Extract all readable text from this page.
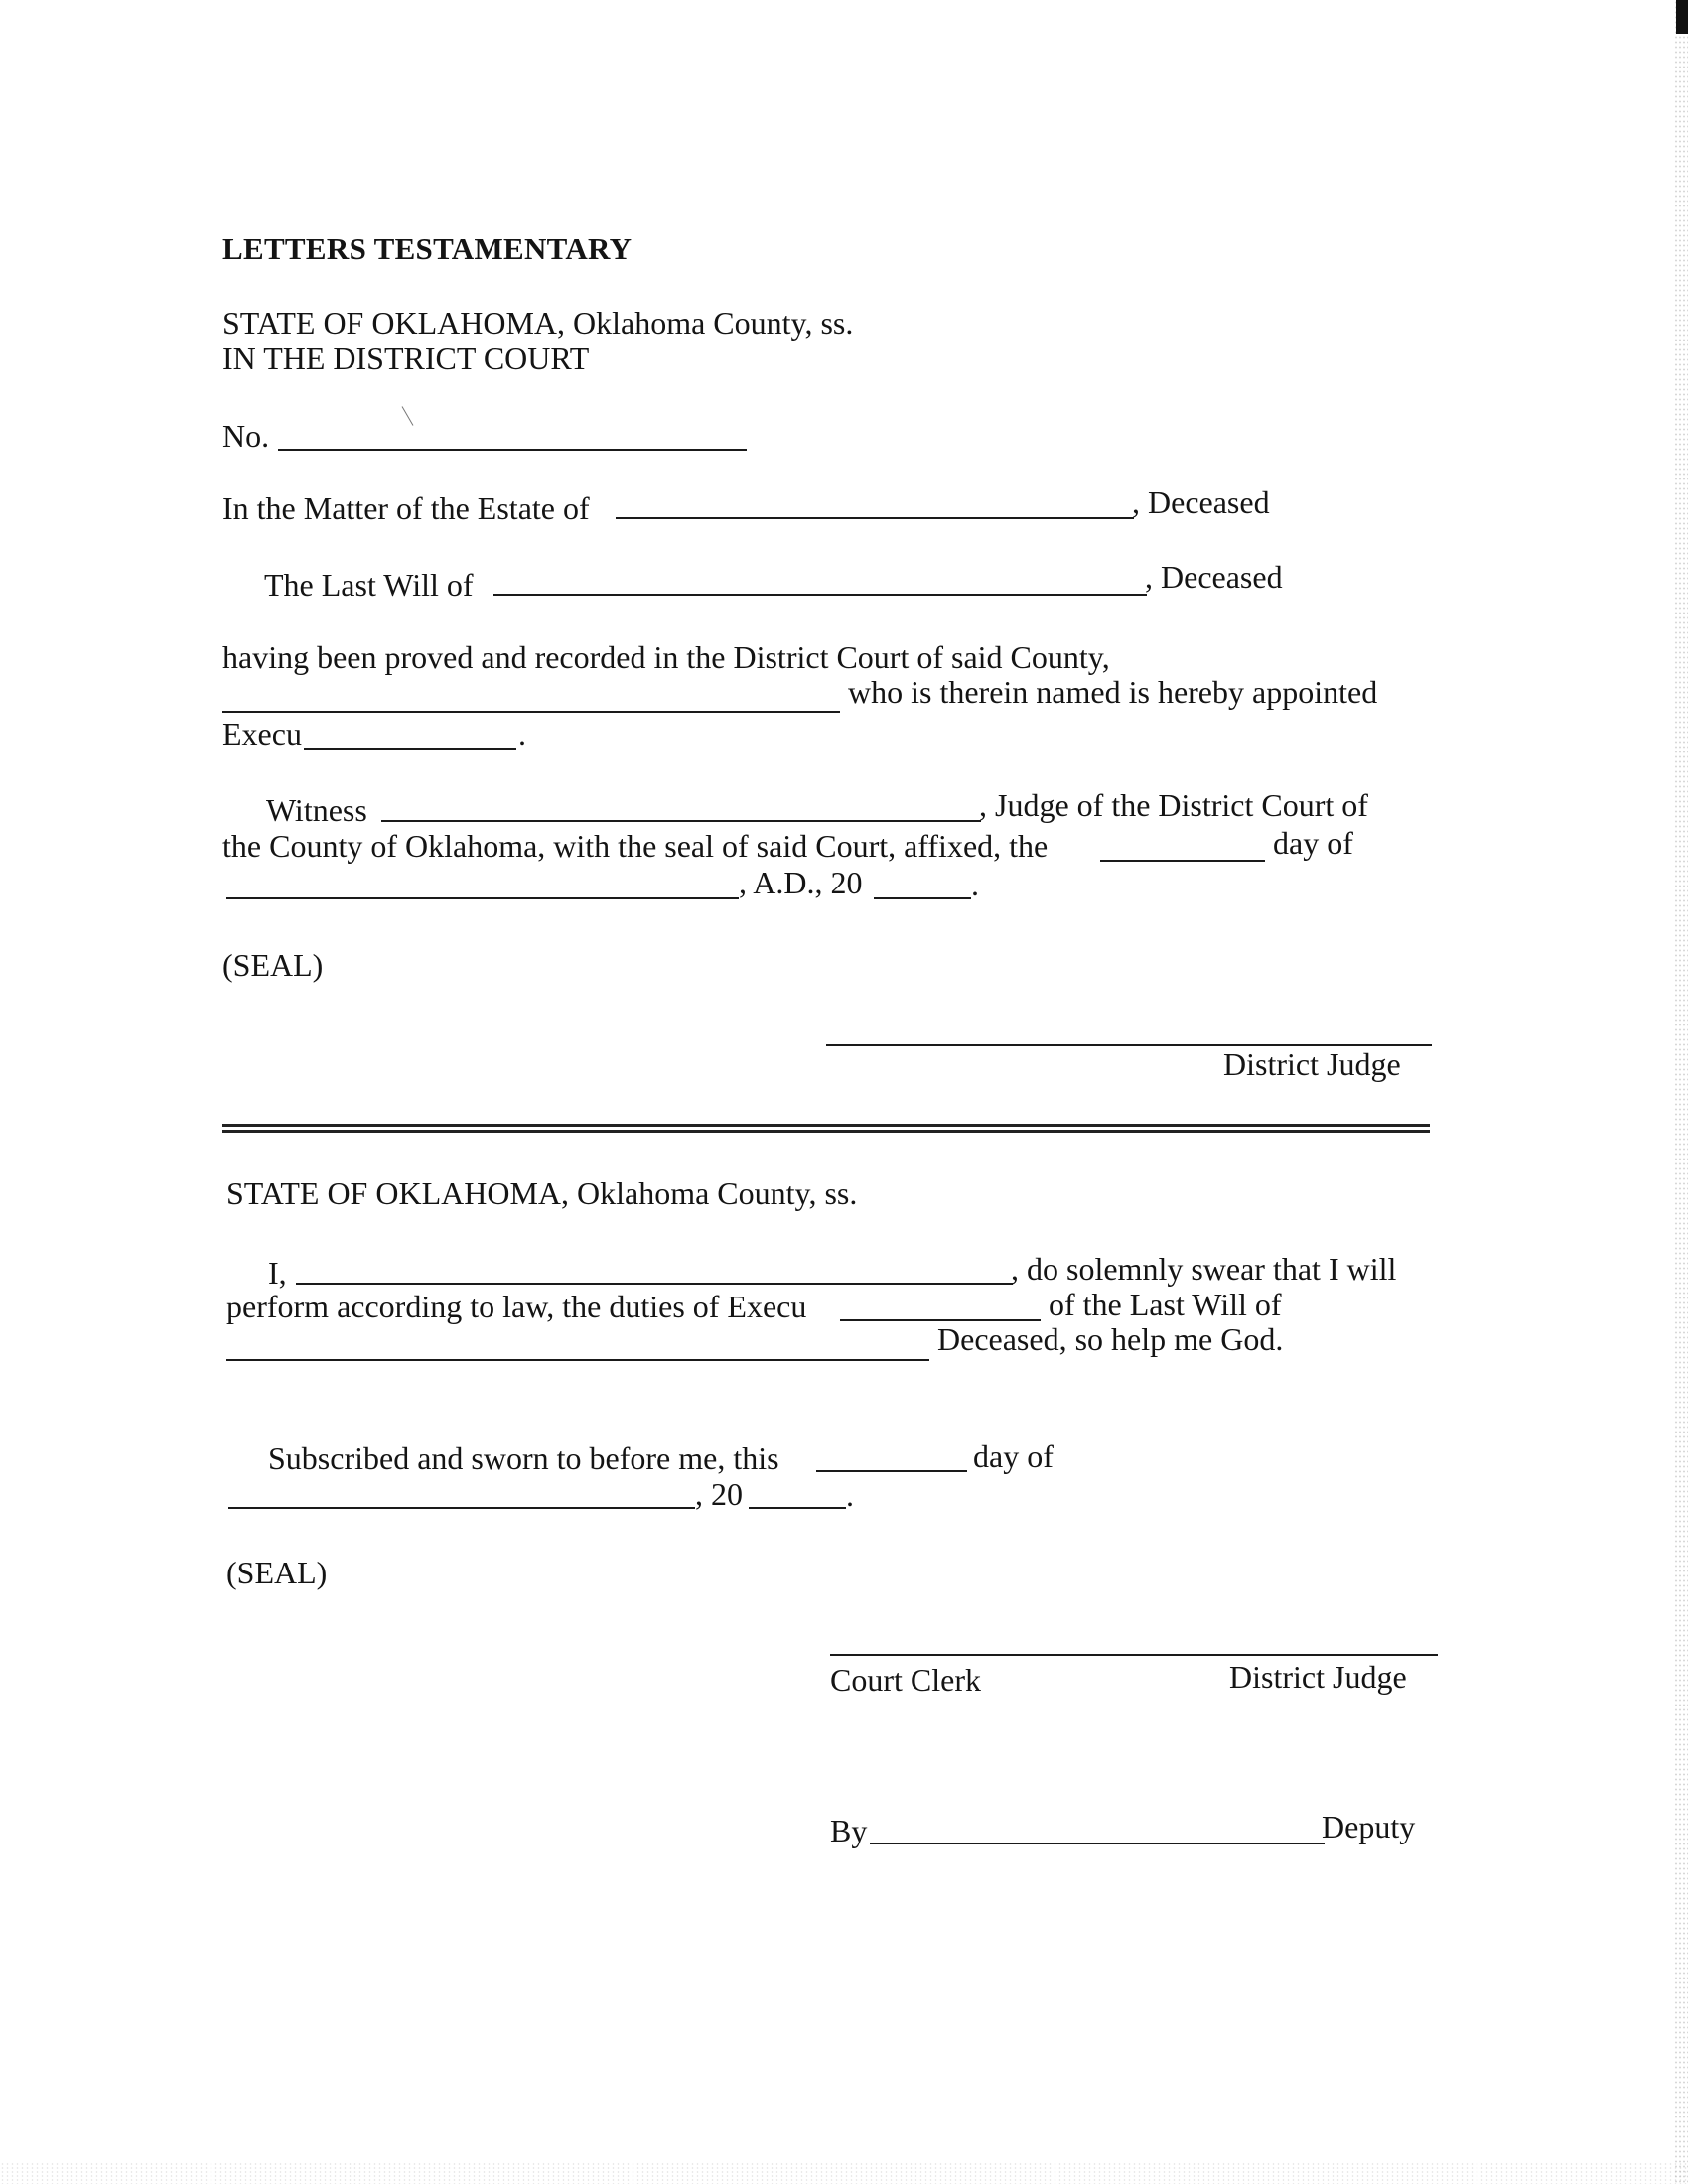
LETTERS TESTAMENTARY
STATE OF OKLAHOMA, Oklahoma County, ss.
IN THE DISTRICT COURT
No.
In the Matter of the Estate of	, Deceased
The Last Will of	, Deceased
having been proved and recorded in the District Court of said County,
who is therein named is hereby appointed
Execu	.
Witness	, Judge of the District Court of
the County of Oklahoma, with the seal of said Court, affixed, the	day of
, A.D., 20	.
(SEAL)
District Judge
STATE OF OKLAHOMA, Oklahoma County, ss.
I,	, do solemnly swear that I will
perform according to law, the duties of Execu	of the Last Will of
Deceased, so help me God.
Subscribed and sworn to before me, this	day of
, 20	.
(SEAL)
Court Clerk	District Judge
By	Deputy
